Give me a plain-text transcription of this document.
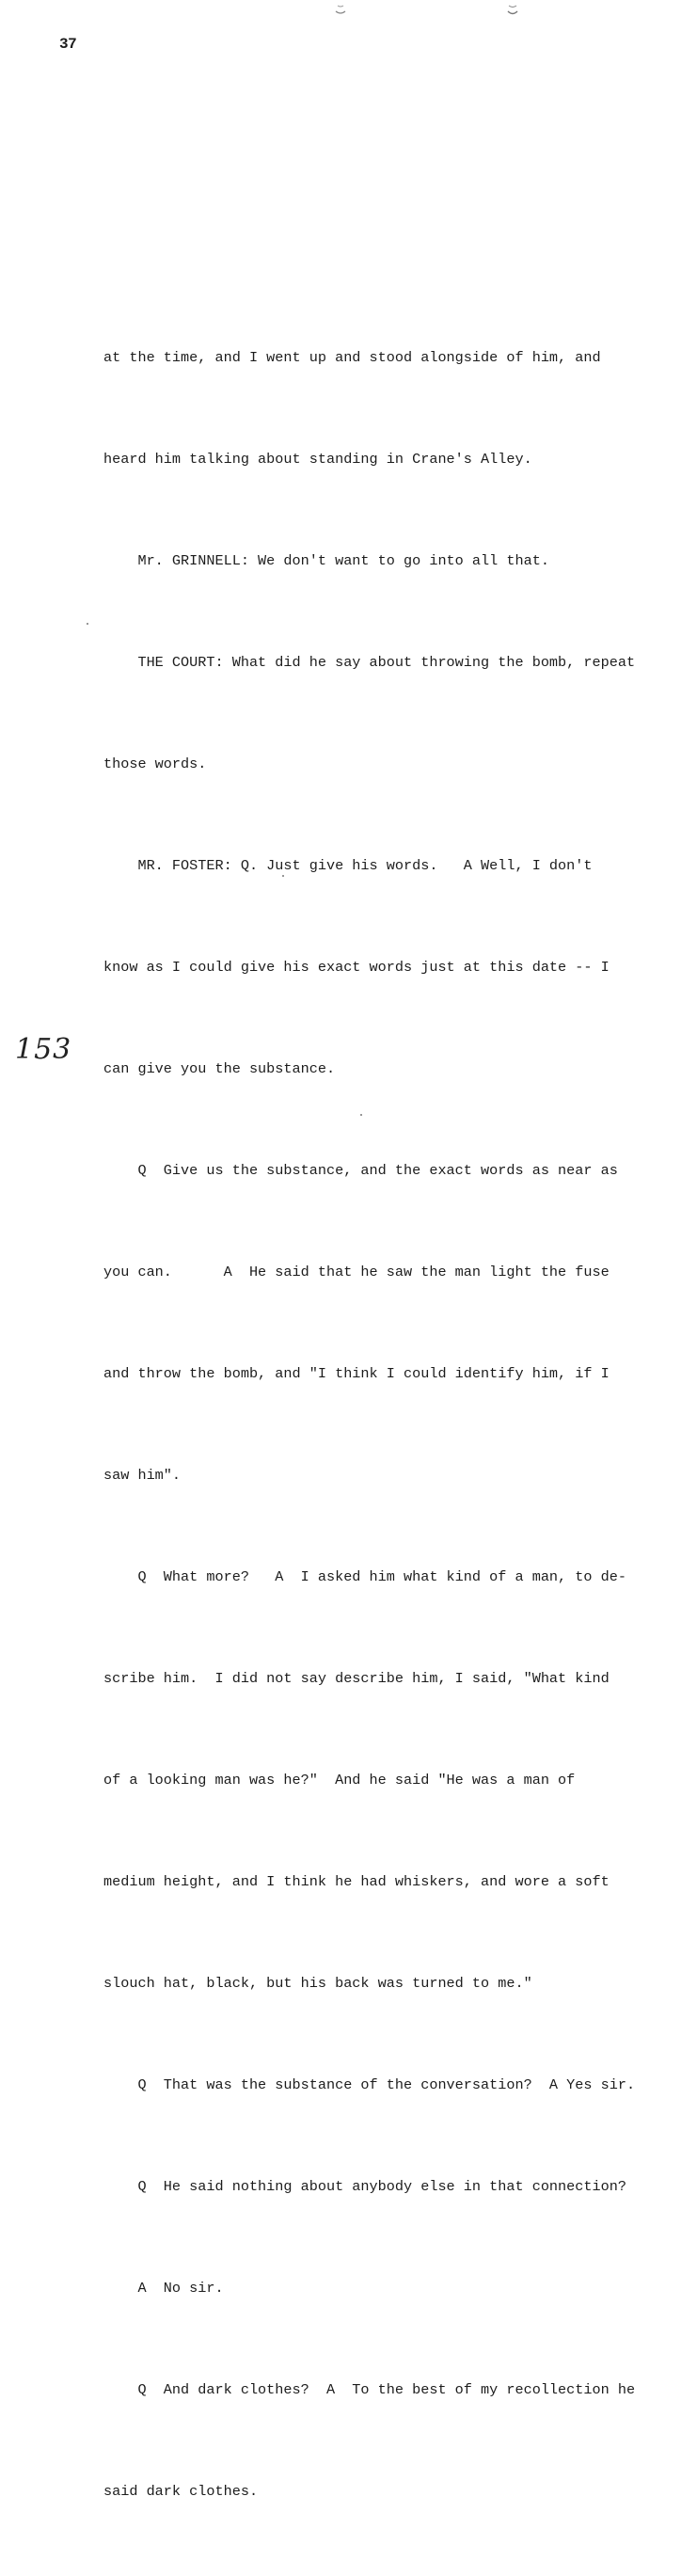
37

at the time, and I went up and stood alongside of him, and

heard him talking about standing in Crane's Alley.

Mr. GRINNELL: We don't want to go into all that.

THE COURT: What did he say about throwing the bomb, repeat

those words.

MR. FOSTER: Q. Just give his words.   A Well, I don't

know as I could give his exact words just at this date -- I

can give you the substance.

Q  Give us the substance, and the exact words as near as

you can.      A  He said that he saw the man light the fuse

and throw the bomb, and "I think I could identify him, if I

saw him".

Q  What more?   A  I asked him what kind of a man, to de-

scribe him.  I did not say describe him, I said, "What kind

of a looking man was he?"  And he said "He was a man of

medium height, and I think he had whiskers, and wore a soft

slouch hat, black, but his back was turned to me."

Q  That was the substance of the conversation?  A Yes sir.

Q  He said nothing about anybody else in that connection?

A  No sir.

Q  And dark clothes?  A  To the best of my recollection he

said dark clothes.

153
